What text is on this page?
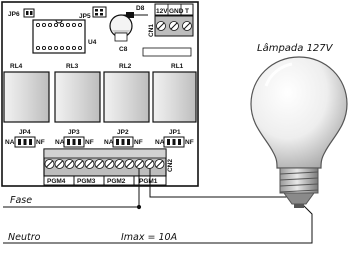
JP6	JP5
U4
D8
C8
CN1
12V GND T
RL4	RL3	RL2	RL1
JP4	JP3	JP2	JP1
NA	NF NA	NF NA	NF NA	NF
CN2
PGM4 PGM3 PGM2 PGM1
Fase
Neutro	Imax = 10A
Lâmpada 127V
